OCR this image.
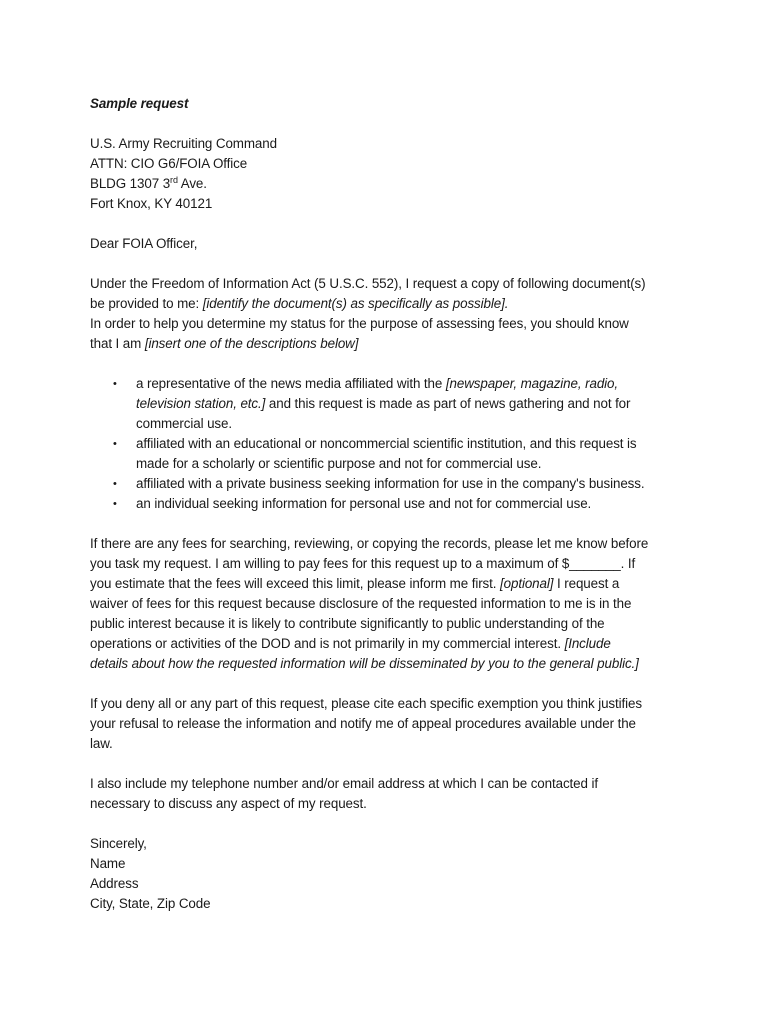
Sample request
U.S. Army Recruiting Command
ATTN: CIO G6/FOIA Office
BLDG 1307 3rd Ave.
Fort Knox, KY 40121
Dear FOIA Officer,
Under the Freedom of Information Act (5 U.S.C. 552), I request a copy of following document(s)
be provided to me: [identify the document(s) as specifically as possible].
In order to help you determine my status for the purpose of assessing fees, you should know
that I am [insert one of the descriptions below]
• a representative of the news media affiliated with the [newspaper, magazine, radio,
television station, etc.] and this request is made as part of news gathering and not for
commercial use.
• affiliated with an educational or noncommercial scientific institution, and this request is
made for a scholarly or scientific purpose and not for commercial use.
• affiliated with a private business seeking information for use in the company's business.
• an individual seeking information for personal use and not for commercial use.
If there are any fees for searching, reviewing, or copying the records, please let me know before
you task my request. I am willing to pay fees for this request up to a maximum of $_______. If
you estimate that the fees will exceed this limit, please inform me first. [optional] I request a
waiver of fees for this request because disclosure of the requested information to me is in the
public interest because it is likely to contribute significantly to public understanding of the
operations or activities of the DOD and is not primarily in my commercial interest. [Include
details about how the requested information will be disseminated by you to the general public.]
If you deny all or any part of this request, please cite each specific exemption you think justifies
your refusal to release the information and notify me of appeal procedures available under the
law.
I also include my telephone number and/or email address at which I can be contacted if
necessary to discuss any aspect of my request.
Sincerely,
Name
Address
City, State, Zip Code
